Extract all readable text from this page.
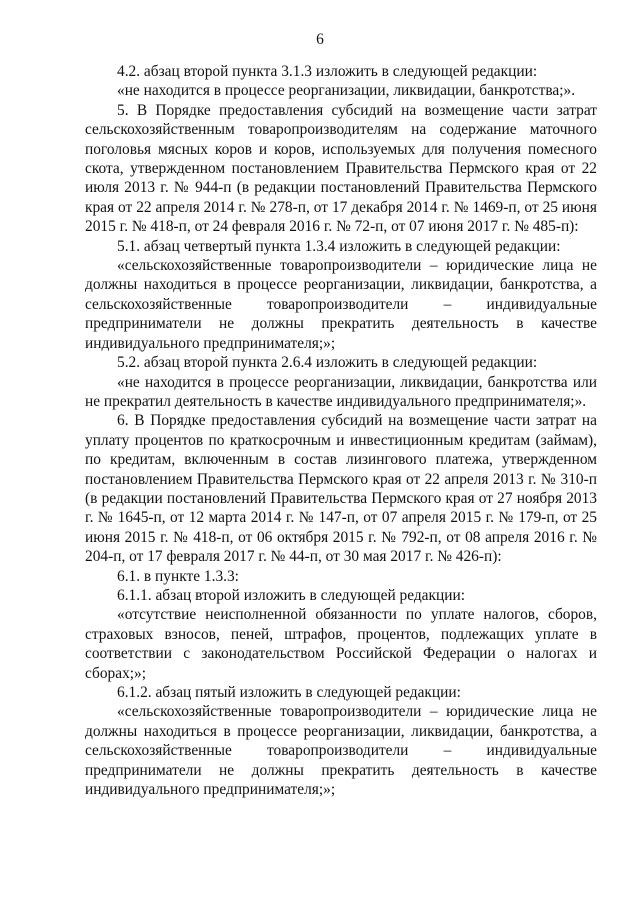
6

4.2. абзац второй пункта 3.1.3 изложить в следующей редакции:

«не находится в процессе реорганизации, ликвидации, банкротства;».

5. В Порядке предоставления субсидий на возмещение части затрат сельскохозяйственным товаропроизводителям на содержание маточного поголовья мясных коров и коров, используемых для получения помесного скота, утвержденном постановлением Правительства Пермского края от 22 июля 2013 г. № 944-п (в редакции постановлений Правительства Пермского края от 22 апреля 2014 г. № 278-п, от 17 декабря 2014 г. № 1469-п, от 25 июня 2015 г. № 418-п, от 24 февраля 2016 г. № 72-п, от 07 июня 2017 г. № 485-п):

5.1. абзац четвертый пункта 1.3.4 изложить в следующей редакции:

«сельскохозяйственные товаропроизводители – юридические лица не должны находиться в процессе реорганизации, ликвидации, банкротства, а сельскохозяйственные товаропроизводители – индивидуальные предприниматели не должны прекратить деятельность в качестве индивидуального предпринимателя;»;

5.2. абзац второй пункта 2.6.4 изложить в следующей редакции:

«не находится в процессе реорганизации, ликвидации, банкротства или не прекратил деятельность в качестве индивидуального предпринимателя;».

6. В Порядке предоставления субсидий на возмещение части затрат на уплату процентов по краткосрочным и инвестиционным кредитам (займам), по кредитам, включенным в состав лизингового платежа, утвержденном постановлением Правительства Пермского края от 22 апреля 2013 г. № 310-п (в редакции постановлений Правительства Пермского края от 27 ноября 2013 г. № 1645-п, от 12 марта 2014 г. № 147-п, от 07 апреля 2015 г. № 179-п, от 25 июня 2015 г. № 418-п, от 06 октября 2015 г. № 792-п, от 08 апреля 2016 г. № 204-п, от 17 февраля 2017 г. № 44-п, от 30 мая 2017 г. № 426-п):

6.1. в пункте 1.3.3:

6.1.1. абзац второй изложить в следующей редакции:

«отсутствие неисполненной обязанности по уплате налогов, сборов, страховых взносов, пеней, штрафов, процентов, подлежащих уплате в соответствии с законодательством Российской Федерации о налогах и сборах;»;

6.1.2. абзац пятый изложить в следующей редакции:

«сельскохозяйственные товаропроизводители – юридические лица не должны находиться в процессе реорганизации, ликвидации, банкротства, а сельскохозяйственные товаропроизводители – индивидуальные предприниматели не должны прекратить деятельность в качестве индивидуального предпринимателя;»;
